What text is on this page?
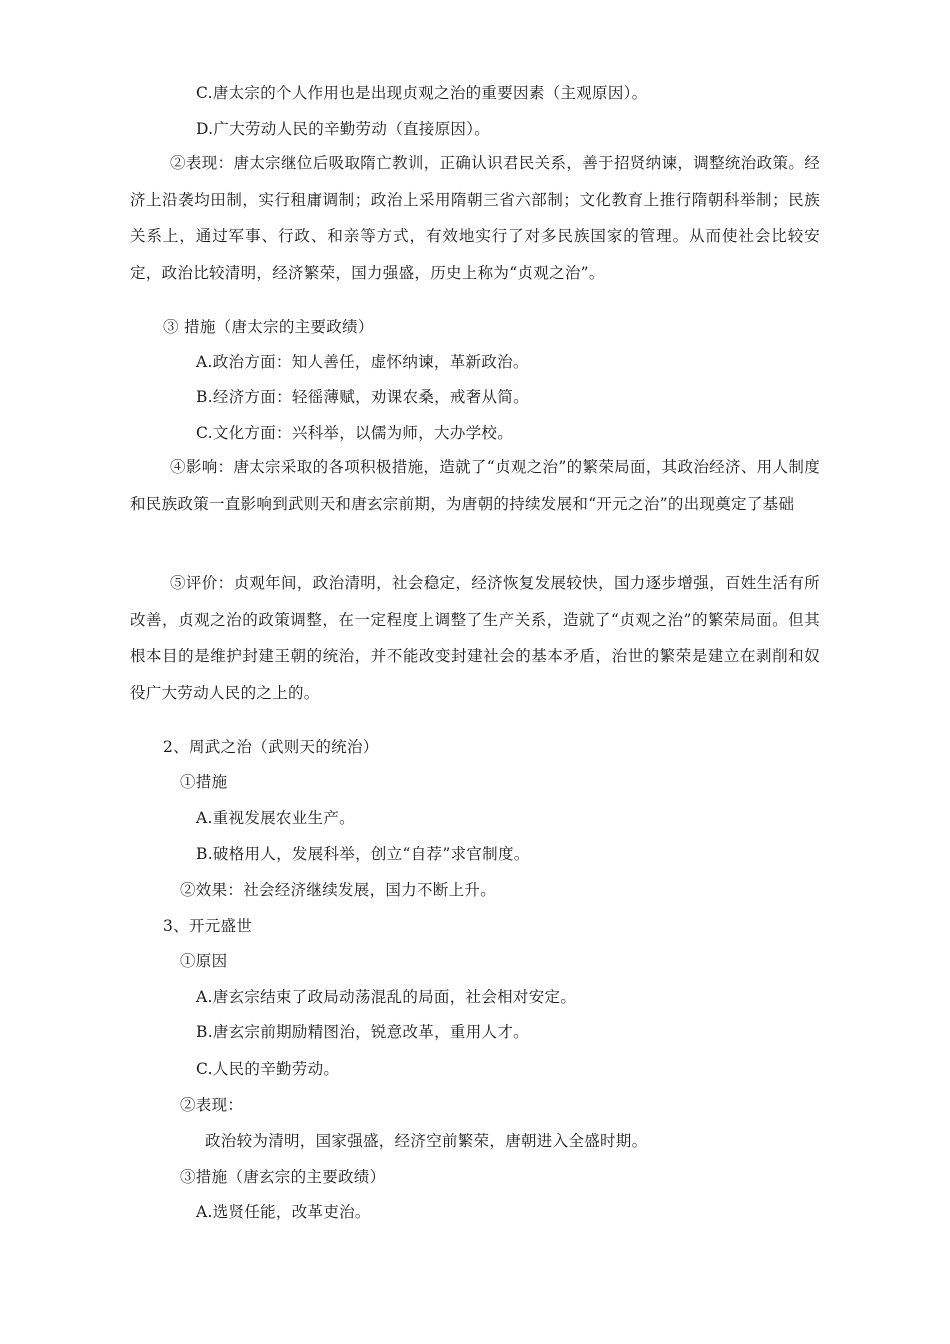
C.唐太宗的个人作用也是出现贞观之治的重要因素（主观原因）。
D.广大劳动人民的辛勤劳动（直接原因）。
②表现：唐太宗继位后吸取隋亡教训，正确认识君民关系，善于招贤纳谏，调整统治政策。经济上沿袭均田制，实行租庸调制；政治上采用隋朝三省六部制；文化教育上推行隋朝科举制；民族关系上，通过军事、行政、和亲等方式，有效地实行了对多民族国家的管理。从而使社会比较安定，政治比较清明，经济繁荣，国力强盛，历史上称为“贞观之治”。
③ 措施（唐太宗的主要政绩）
A.政治方面：知人善任，虚怀纳谏，革新政治。
B.经济方面：轻徭薄赋，劝课农桑，戒奢从简。
C.文化方面：兴科举，以儒为师，大办学校。
④影响：唐太宗采取的各项积极措施，造就了“贞观之治”的繁荣局面，其政治经济、用人制度和民族政策一直影响到武则天和唐玄宗前期，为唐朝的持续发展和“开元之治”的出现奠定了基础
⑤评价：贞观年间，政治清明，社会稳定，经济恢复发展较快，国力逐步增强，百姓生活有所改善，贞观之治的政策调整，在一定程度上调整了生产关系，造就了“贞观之治”的繁荣局面。但其根本目的是维护封建王朝的统治，并不能改变封建社会的基本矛盾，治世的繁荣是建立在剥削和奴役广大劳动人民的之上的。
2、周武之治（武则天的统治）
①措施
A.重视发展农业生产。
B.破格用人，发展科举，创立“自荐”求官制度。
②效果：社会经济继续发展，国力不断上升。
3、开元盛世
①原因
A.唐玄宗结束了政局动荡混乱的局面，社会相对安定。
B.唐玄宗前期励精图治，锐意改革，重用人才。
C.人民的辛勤劳动。
②表现：
政治较为清明，国家强盛，经济空前繁荣，唐朝进入全盛时期。
③措施（唐玄宗的主要政绩）
A.选贤任能，改革吏治。
